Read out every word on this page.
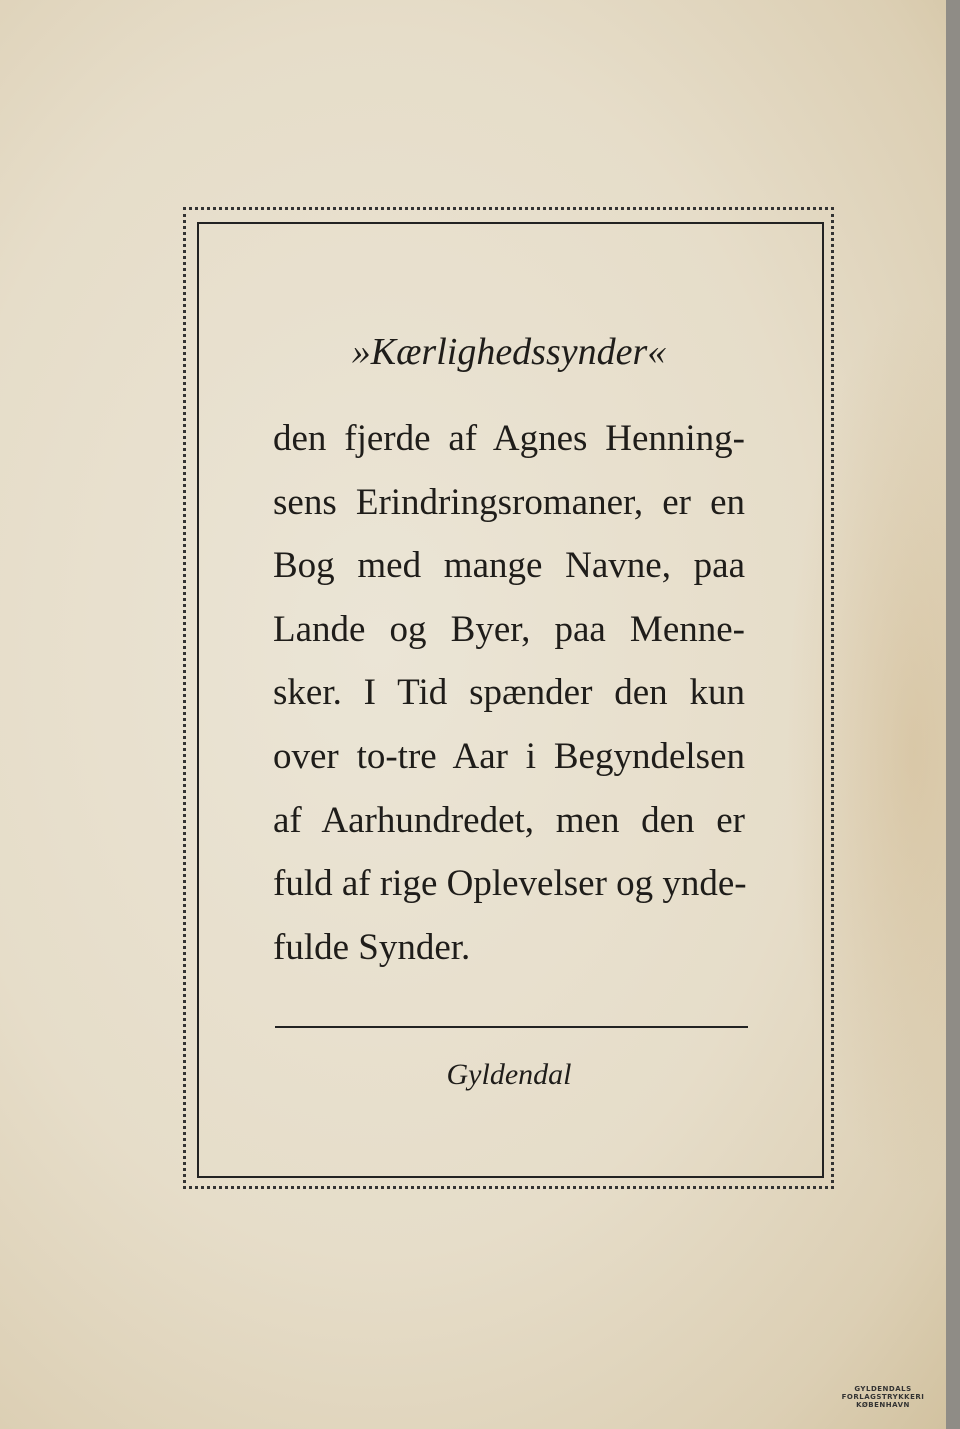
»Kærlighedssynder«
den fjerde af Agnes Henning-
sens Erindringsromaner, er en
Bog med mange Navne, paa
Lande og Byer, paa Menne-
sker. I Tid spænder den kun
over to-tre Aar i Begyndelsen
af Aarhundredet, men den er
fuld af rige Oplevelser og ynde-
fulde Synder.
Gyldendal
GYLDENDALS
FORLAGSTRYKKERI
KØBENHAVN
